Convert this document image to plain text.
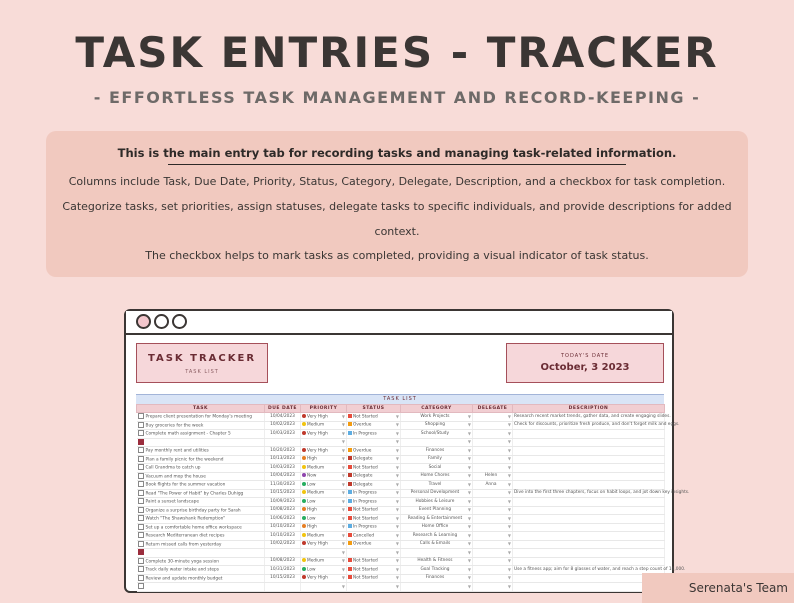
TASK ENTRIES - TRACKER
- EFFORTLESS TASK MANAGEMENT AND RECORD-KEEPING -
This is the main entry tab for recording tasks and managing task-related information.
Columns include Task, Due Date, Priority, Status, Category, Delegate, Description, and a checkbox for task completion.
Categorize tasks, set priorities, assign statuses, delegate tasks to specific individuals, and provide descriptions for added
context.
The checkbox helps to mark tasks as completed, providing a visual indicator of task status.
TASK TRACKER
TASK LIST
TODAY'S DATE
October, 3 2023
TASK LIST
TASK	DUE DATE	PRIORITY	STATUS	CATEGORY	DELEGATE	DESCRIPTION
Prepare client presentation for Monday's meeting	10/04/2023	Very High ▼	Not Started ▼	Work Projects ▼	▼	Research recent market trends, gather data, and create engaging slides.
Buy groceries for the week	10/02/2023	Medium ▼	Overdue ▼	Shopping ▼	▼	Check for discounts, prioritize fresh produce, and don't forget milk and eggs.
Complete math assignment - Chapter 5	10/03/2023	Very High ▼	In Progress ▼	School/Study ▼	▼	

		▼	▼	▼	▼	

Pay monthly rent and utilities	10/20/2023	Very High ▼	Overdue ▼	Finances ▼	▼	

Plan a family picnic for the weekend	10/13/2023	High ▼	Delegate ▼	Family ▼	▼	

Call Grandma to catch up	10/03/2023	Medium ▼	Not Started ▼	Social ▼	▼	

Vacuum and mop the house	10/04/2023	Now ▼	Delegate ▼	Home Chores ▼	Helen ▼	

Book flights for the summer vacation	11/30/2023	Low ▼	Delegate ▼	Travel ▼	Anna ▼	

Read "The Power of Habit" by Charles Duhigg	10/15/2023	Medium ▼	In Progress ▼	Personal Development ▼	▼	Dive into the first three chapters, focus on habit loops, and jot down key insights.
Paint a sunset landscape	10/09/2023	Low ▼	In Progress ▼	Hobbies & Leisure ▼	▼	

Organize a surprise birthday party for Sarah	10/08/2023	High ▼	Not Started ▼	Event Planning ▼	▼	

Watch "The Shawshank Redemption"	10/06/2023	Low ▼	Not Started ▼	Reading & Entertainment ▼	▼	

Set up a comfortable home office workspace	10/10/2023	High ▼	In Progress ▼	Home Office ▼	▼	

Research Mediterranean diet recipes	10/10/2023	Medium ▼	Cancelled ▼	Research & Learning ▼	▼	

Return missed calls from yesterday	10/02/2023	Very High ▼	Overdue ▼	Calls & Emails ▼	▼	

		▼	▼	▼	▼	

Complete 30-minute yoga session	10/08/2023	Medium ▼	Not Started ▼	Health & Fitness ▼	▼	

Track daily water intake and steps	10/31/2023	Low ▼	Not Started ▼	Goal Tracking ▼	▼	Use a fitness app; aim for 8 glasses of water, and reach a step count of 10,000.
Review and update monthly budget	10/15/2023	Very High ▼	Not Started ▼	Finances ▼	▼	

		▼	▼	▼	▼	
		Serenata's Team
